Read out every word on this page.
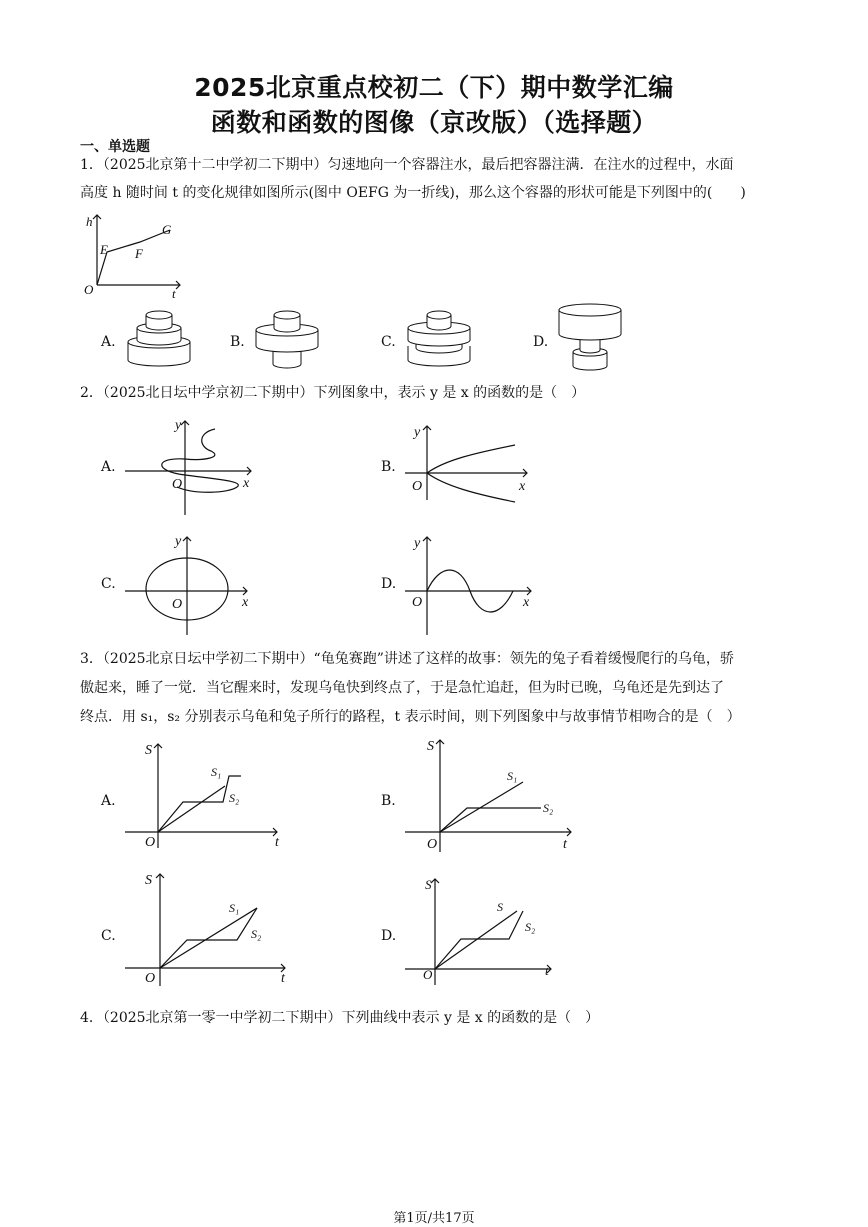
2025北京重点校初二（下）期中数学汇编
函数和函数的图像（京改版）（选择题）
一、单选题
1．（2025北京第十二中学初二下期中）匀速地向一个容器注水，最后把容器注满．在注水的过程中，水面
高度 h 随时间 t 的变化规律如图所示(图中 OEFG 为一折线)，那么这个容器的形状可能是下列图中的(　　)
h
t
O
E F
G
A.	B.	C.	D.
2．（2025北日坛中学京初二下期中）下列图象中，表示 y 是 x 的函数的是（　）
A.
y
x
O
B.
y
x
O
C.
y
x
O
D.
y
x
O
3．（2025北京日坛中学初二下期中）“龟兔赛跑”讲述了这样的故事：领先的兔子看着缓慢爬行的乌龟，骄
傲起来，睡了一觉．当它醒来时，发现乌龟快到终点了，于是急忙追赶，但为时已晚，乌龟还是先到达了
终点．用 s₁，s₂ 分别表示乌龟和兔子所行的路程，t 表示时间，则下列图象中与故事情节相吻合的是（　）
A.
S
t
O
S₁
S₂	B.
S
t
O
S₁
S₂
C.
S
t
O
S₁
S₂	D.
S
t
O
S
S₂
4．（2025北京第一零一中学初二下期中）下列曲线中表示 y 是 x 的函数的是（　）
第1页/共17页
